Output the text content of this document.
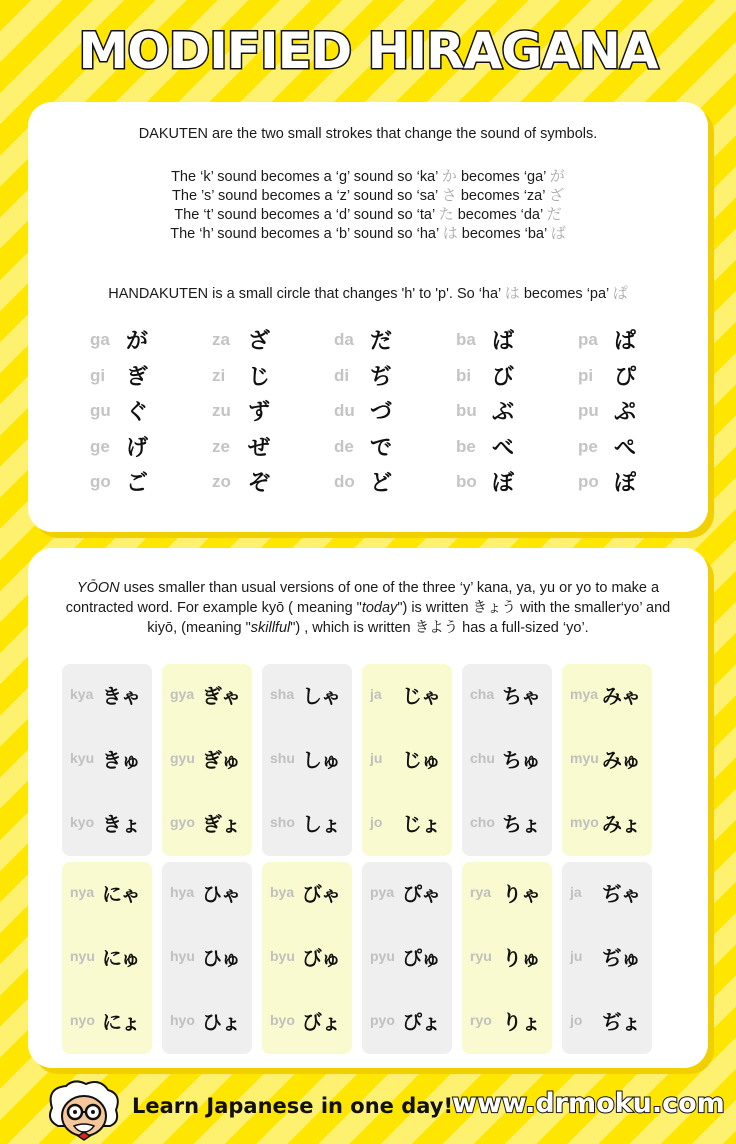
MODIFIED HIRAGANA
DAKUTEN are the two small strokes that change the sound of symbols.
The ‘k’ sound becomes a ‘g’ sound so ‘ka’ か becomes ‘ga’ が
The ’s’ sound becomes a ‘z’ sound so ‘sa’ さ becomes ‘za’ ざ
The ‘t’ sound becomes a ‘d’ sound so ‘ta’ た becomes ‘da’ だ
The ‘h’ sound becomes a ‘b’ sound so ‘ha’ は becomes ‘ba’ ば
HANDAKUTEN is a small circle that changes 'h' to 'p'. So ‘ha’ は becomes ‘pa’ ぱ
ga が
gi ぎ
gu ぐ
ge げ
go ご
za ざ
zi じ
zu ず
ze ぜ
zo ぞ
da だ
di ぢ
du づ
de で
do ど
ba ば
bi び
bu ぶ
be べ
bo ぼ
pa ぱ
pi ぴ
pu ぷ
pe ぺ
po ぽ
YŌON uses smaller than usual versions of one of the three ‘y’ kana, ya, yu or yo to make a contracted word. For example kyō ( meaning "today") is written きょう with the smaller‘yo’ and kiyō, (meaning "skillful") , which is written きよう has a full-sized ‘yo’.
kya きゃ
kyu きゅ
kyo きょ
gya ぎゃ
gyu ぎゅ
gyo ぎょ
sha しゃ
shu しゅ
sho しょ
ja じゃ
ju じゅ
jo じょ
cha ちゃ
chu ちゅ
cho ちょ
mya みゃ
myu みゅ
myo みょ
nya にゃ
nyu にゅ
nyo にょ
hya ひゃ
hyu ひゅ
hyo ひょ
bya びゃ
byu びゅ
byo びょ
pya ぴゃ
pyu ぴゅ
pyo ぴょ
rya りゃ
ryu りゅ
ryo りょ
ja ぢゃ
ju ぢゅ
jo ぢょ
Learn Japanese in one day!
www.drmoku.com
